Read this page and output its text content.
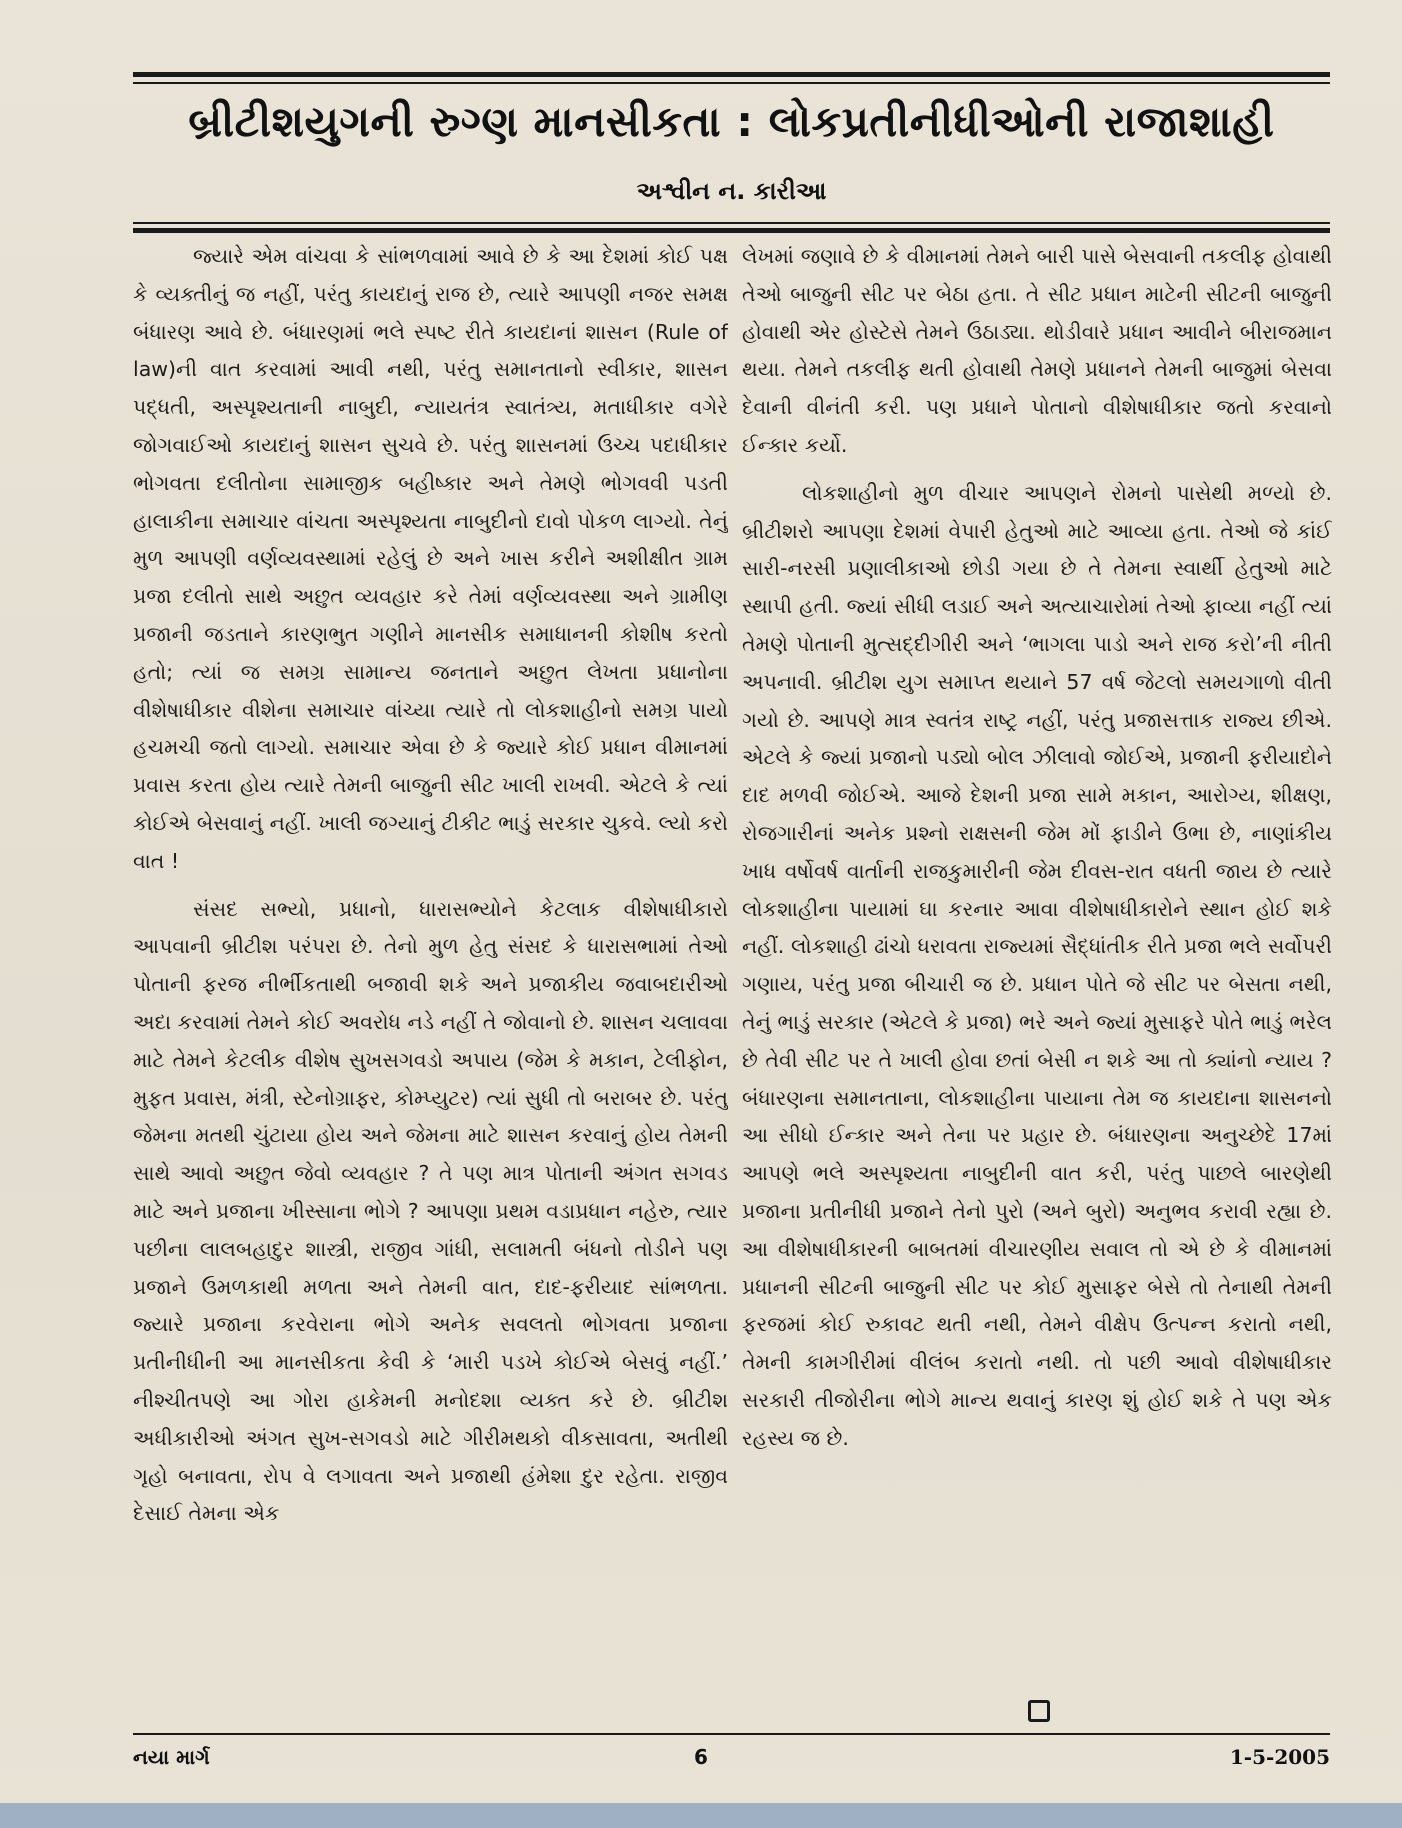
બ્રીટીશયુગની રુગ્ણ માનસીકતા : લોકપ્રતીનીધીઓની રાજાશાહી
અશ્વીન ન. કારીઆ

જ્યારે એમ વાંચવા કે સાંભળવામાં આવે છે કે આ દેશમાં કોઈ પક્ષ કે વ્યક્તીનું જ નહીં, પરંતુ કાયદાનું રાજ છે, ત્યારે આપણી નજર સમક્ષ બંધારણ આવે છે. બંધારણમાં ભલે સ્પષ્ટ રીતે કાયદાનાં શાસન (Rule of law)ની વાત કરવામાં આવી નથી, પરંતુ સમાનતાનો સ્વીકાર, શાસન પદ્ધતી, અસ્પૃશ્યતાની નાબુદી, ન્યાયતંત્ર સ્વાતંત્ર્ય, મતાધીકાર વગેરે જોગવાઈઓ કાયદાનું શાસન સુચવે છે. પરંતુ શાસનમાં ઉચ્ચ પદાધીકાર ભોગવતા દલીતોના સામાજીક બહીષ્કાર અને તેમણે ભોગવવી પડતી હાલાકીના સમાચાર વાંચતા અસ્પૃશ્યતા નાબુદીનો દાવો પોકળ લાગ્યો. તેનું મુળ આપણી વર્ણવ્યવસ્થામાં રહેલું છે અને ખાસ કરીને અશીક્ષીત ગ્રામ પ્રજા દલીતો સાથે અછુત વ્યવહાર કરે તેમાં વર્ણવ્યવસ્થા અને ગ્રામીણ પ્રજાની જડતાને કારણભુત ગણીને માનસીક સમાધાનની કોશીષ કરતો હતો; ત્યાં જ સમગ્ર સામાન્ય જનતાને અછુત લેખતા પ્રધાનોના વીશેષાધીકાર વીશેના સમાચાર વાંચ્યા ત્યારે તો લોકશાહીનો સમગ્ર પાયો હચમચી જતો લાગ્યો. સમાચાર એવા છે કે જ્યારે કોઈ પ્રધાન વીમાનમાં પ્રવાસ કરતા હોય ત્યારે તેમની બાજુની સીટ ખાલી રાખવી. એટલે કે ત્યાં કોઈએ બેસવાનું નહીં. ખાલી જગ્યાનું ટીકીટ ભાડું સરકાર ચુકવે. લ્યો કરો વાત !

સંસદ સભ્યો, પ્રધાનો, ધારાસભ્યોને કેટલાક વીશેષાધીકારો આપવાની બ્રીટીશ પરંપરા છે. તેનો મુળ હેતુ સંસદ કે ધારાસભામાં તેઓ પોતાની ફરજ નીર્ભીકતાથી બજાવી શકે અને પ્રજાકીય જવાબદારીઓ અદા કરવામાં તેમને કોઈ અવરોધ નડે નહીં તે જોવાનો છે. શાસન ચલાવવા માટે તેમને કેટલીક વીશેષ સુખસગવડો અપાય (જેમ કે મકાન, ટેલીફોન, મુફત પ્રવાસ, મંત્રી, સ્ટેનોગ્રાફર, કોમ્પ્યુટર) ત્યાં સુધી તો બરાબર છે. પરંતુ જેમના મતથી ચુંટાયા હોય અને જેમના માટે શાસન કરવાનું હોય તેમની સાથે આવો અછુત જેવો વ્યવહાર ? તે પણ માત્ર પોતાની અંગત સગવડ માટે અને પ્રજાના ખીસ્સાના ભોગે ? આપણા પ્રથમ વડાપ્રધાન નહેરુ, ત્યાર પછીના લાલબહાદુર શાસ્ત્રી, રાજીવ ગાંધી, સલામતી બંધનો તોડીને પણ પ્રજાને ઉમળકાથી મળતા અને તેમની વાત, દાદ-ફરીયાદ સાંભળતા. જ્યારે પ્રજાના કરવેરાના ભોગે અનેક સવલતો ભોગવતા પ્રજાના પ્રતીનીધીની આ માનસીકતા કેવી કે ‘મારી પડખે કોઈએ બેસવું નહીં.’ નીશ્ચીતપણે આ ગોરા હાકેમની મનોદશા વ્યક્ત કરે છે. બ્રીટીશ અધીકારીઓ અંગત સુખ-સગવડો માટે ગીરીમથકો વીકસાવતા, અતીથી ગૃહો બનાવતા, રોપ વે લગાવતા અને પ્રજાથી હંમેશા દુર રહેતા. રાજીવ દેસાઈ તેમના એક

લેખમાં જણાવે છે કે વીમાનમાં તેમને બારી પાસે બેસવાની તકલીફ હોવાથી તેઓ બાજુની સીટ પર બેઠા હતા. તે સીટ પ્રધાન માટેની સીટની બાજુની હોવાથી એર હોસ્ટેસે તેમને ઉઠાડ્યા. થોડીવારે પ્રધાન આવીને બીરાજમાન થયા. તેમને તકલીફ થતી હોવાથી તેમણે પ્રધાનને તેમની બાજુમાં બેસવા દેવાની વીનંતી કરી. પણ પ્રધાને પોતાનો વીશેષાધીકાર જતો કરવાનો ઈન્કાર કર્યો.

લોકશાહીનો મુળ વીચાર આપણને રોમનો પાસેથી મળ્યો છે. બ્રીટીશરો આપણા દેશમાં વેપારી હેતુઓ માટે આવ્યા હતા. તેઓ જે કાંઈ સારી-નરસી પ્રણાલીકાઓ છોડી ગયા છે તે તેમના સ્વાર્થી હેતુઓ માટે સ્થાપી હતી. જ્યાં સીધી લડાઈ અને અત્યાચારોમાં તેઓ ફાવ્યા નહીં ત્યાં તેમણે પોતાની મુત્સદ્દીગીરી અને ‘ભાગલા પાડો અને રાજ કરો’ની નીતી અપનાવી. બ્રીટીશ યુગ સમાપ્ત થયાને 57 વર્ષ જેટલો સમયગાળો વીતી ગયો છે. આપણે માત્ર સ્વતંત્ર રાષ્ટ્ર નહીં, પરંતુ પ્રજાસત્તાક રાજ્ય છીએ. એટલે કે જ્યાં પ્રજાનો પડ્યો બોલ ઝીલાવો જોઈએ, પ્રજાની ફરીયાદોને દાદ મળવી જોઈએ. આજે દેશની પ્રજા સામે મકાન, આરોગ્ય, શીક્ષણ, રોજગારીનાં અનેક પ્રશ્નો રાક્ષસની જેમ મોં ફાડીને ઉભા છે, નાણાંકીય ખાધ વર્ષોવર્ષ વાર્તાની રાજકુમારીની જેમ દીવસ-રાત વધતી જાય છે ત્યારે લોકશાહીના પાયામાં ઘા કરનાર આવા વીશેષાધીકારોને સ્થાન હોઈ શકે નહીં. લોકશાહી ઢાંચો ધરાવતા રાજ્યમાં સૈદ્ધાંતીક રીતે પ્રજા ભલે સર્વોપરી ગણાય, પરંતુ પ્રજા બીચારી જ છે. પ્રધાન પોતે જે સીટ પર બેસતા નથી, તેનું ભાડું સરકાર (એટલે કે પ્રજા) ભરે અને જ્યાં મુસાફરે પોતે ભાડું ભરેલ છે તેવી સીટ પર તે ખાલી હોવા છતાં બેસી ન શકે આ તો ક્યાંનો ન્યાય ? બંધારણના સમાનતાના, લોકશાહીના પાયાના તેમ જ કાયદાના શાસનનો આ સીધો ઈન્કાર અને તેના પર પ્રહાર છે. બંધારણના અનુચ્છેદે 17માં આપણે ભલે અસ્પૃશ્યતા નાબુદીની વાત કરી, પરંતુ પાછલે બારણેથી પ્રજાના પ્રતીનીધી પ્રજાને તેનો પુરો (અને બુરો) અનુભવ કરાવી રહ્યા છે. આ વીશેષાધીકારની બાબતમાં વીચારણીય સવાલ તો એ છે કે વીમાનમાં પ્રધાનની સીટની બાજુની સીટ પર કોઈ મુસાફર બેસે તો તેનાથી તેમની ફરજમાં કોઈ રુકાવટ થતી નથી, તેમને વીક્ષેપ ઉત્પન્ન કરાતો નથી, તેમની કામગીરીમાં વીલંબ કરાતો નથી. તો પછી આવો વીશેષાધીકાર સરકારી તીજોરીના ભોગે માન્ય થવાનું કારણ શું હોઈ શકે તે પણ એક રહસ્ય જ છે.

નયા માર્ગ	6	1-5-2005
